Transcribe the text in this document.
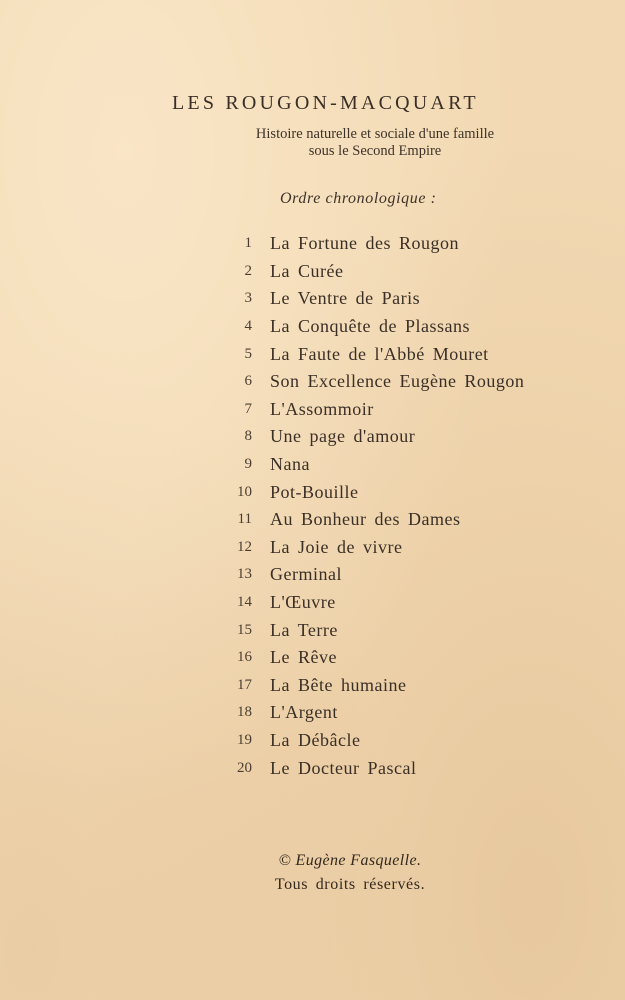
LES ROUGON-MACQUART
Histoire naturelle et sociale d'une famille
sous le Second Empire
Ordre chronologique :
1 La Fortune des Rougon
2 La Curée
3 Le Ventre de Paris
4 La Conquête de Plassans
5 La Faute de l'Abbé Mouret
6 Son Excellence Eugène Rougon
7 L'Assommoir
8 Une page d'amour
9 Nana
10 Pot-Bouille
11 Au Bonheur des Dames
12 La Joie de vivre
13 Germinal
14 L'Œuvre
15 La Terre
16 Le Rêve
17 La Bête humaine
18 L'Argent
19 La Débâcle
20 Le Docteur Pascal
© Eugène Fasquelle.
Tous droits réservés.
